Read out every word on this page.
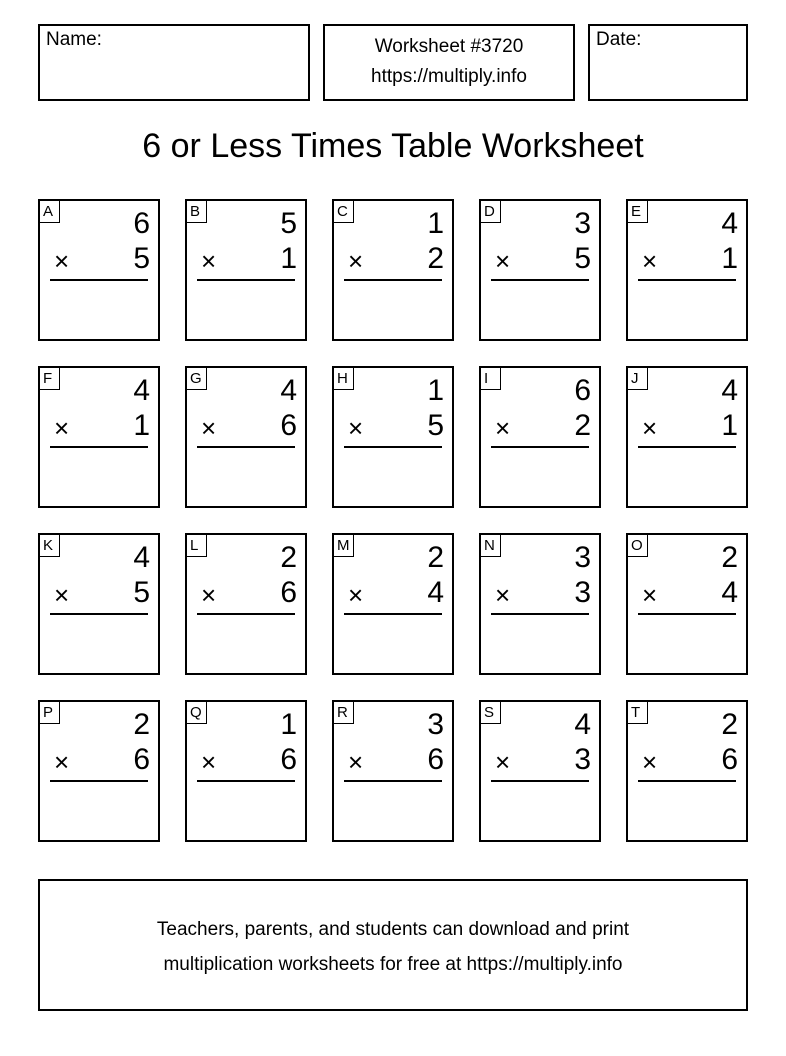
Name:	Worksheet #3720
https://multiply.info
Date:
6 or Less Times Table Worksheet
A	6
× 5
B	5
× 1
C	1
× 2
D	3
× 5
E	4
× 1
F	4
× 1
G	4
× 6
H	1
× 5
I	6
× 2
J	4
× 1
K	4
× 5
L	2
× 6
M	2
× 4
N	3
× 3
O	2
× 4
P	2
× 6
Q	1
× 6
R	3
× 6
S	4
× 3
T	2
× 6
Teachers, parents, and students can download and print
multiplication worksheets for free at https://multiply.info
